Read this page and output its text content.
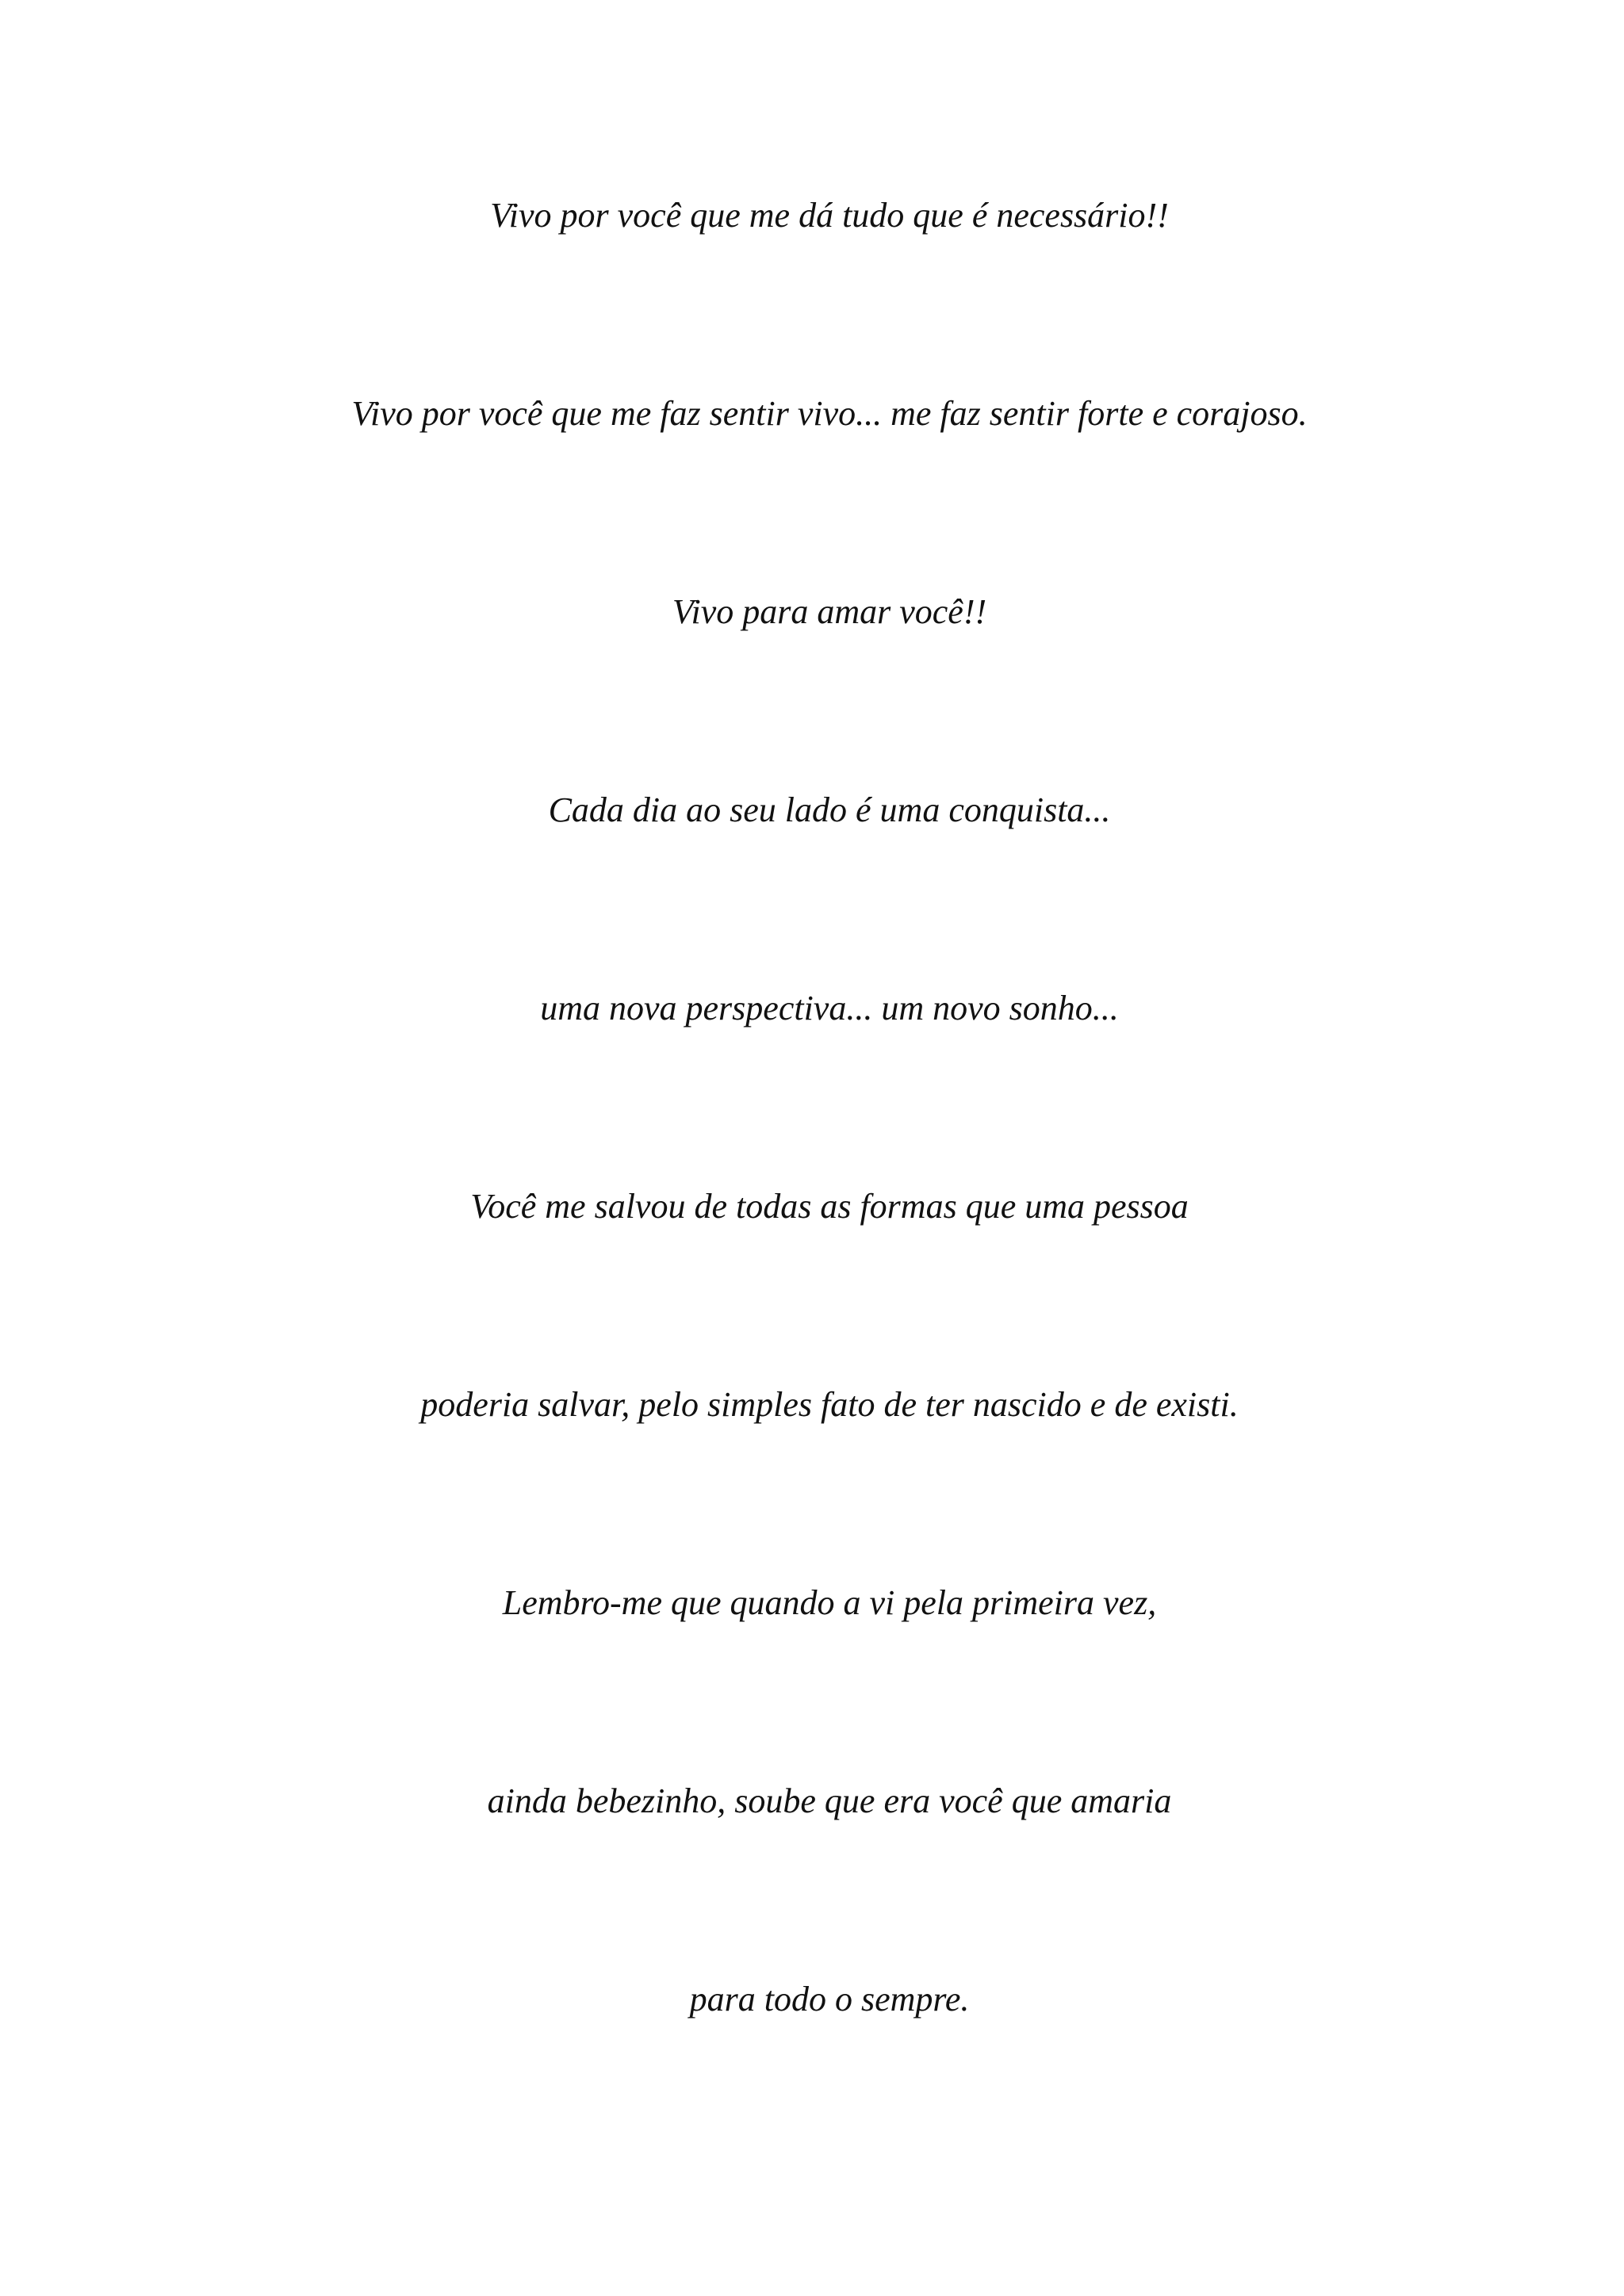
Vivo por você que me dá tudo que é necessário!!
Vivo por você que me faz sentir vivo... me faz sentir forte e corajoso.
Vivo para amar você!!
Cada dia ao seu lado é uma conquista...
uma nova perspectiva... um novo sonho...
Você me salvou de todas as formas que uma pessoa
poderia salvar, pelo simples fato de ter nascido e de existi.
Lembro-me que quando a vi pela primeira vez,
ainda bebezinho, soube que era você que amaria
para todo o sempre.
